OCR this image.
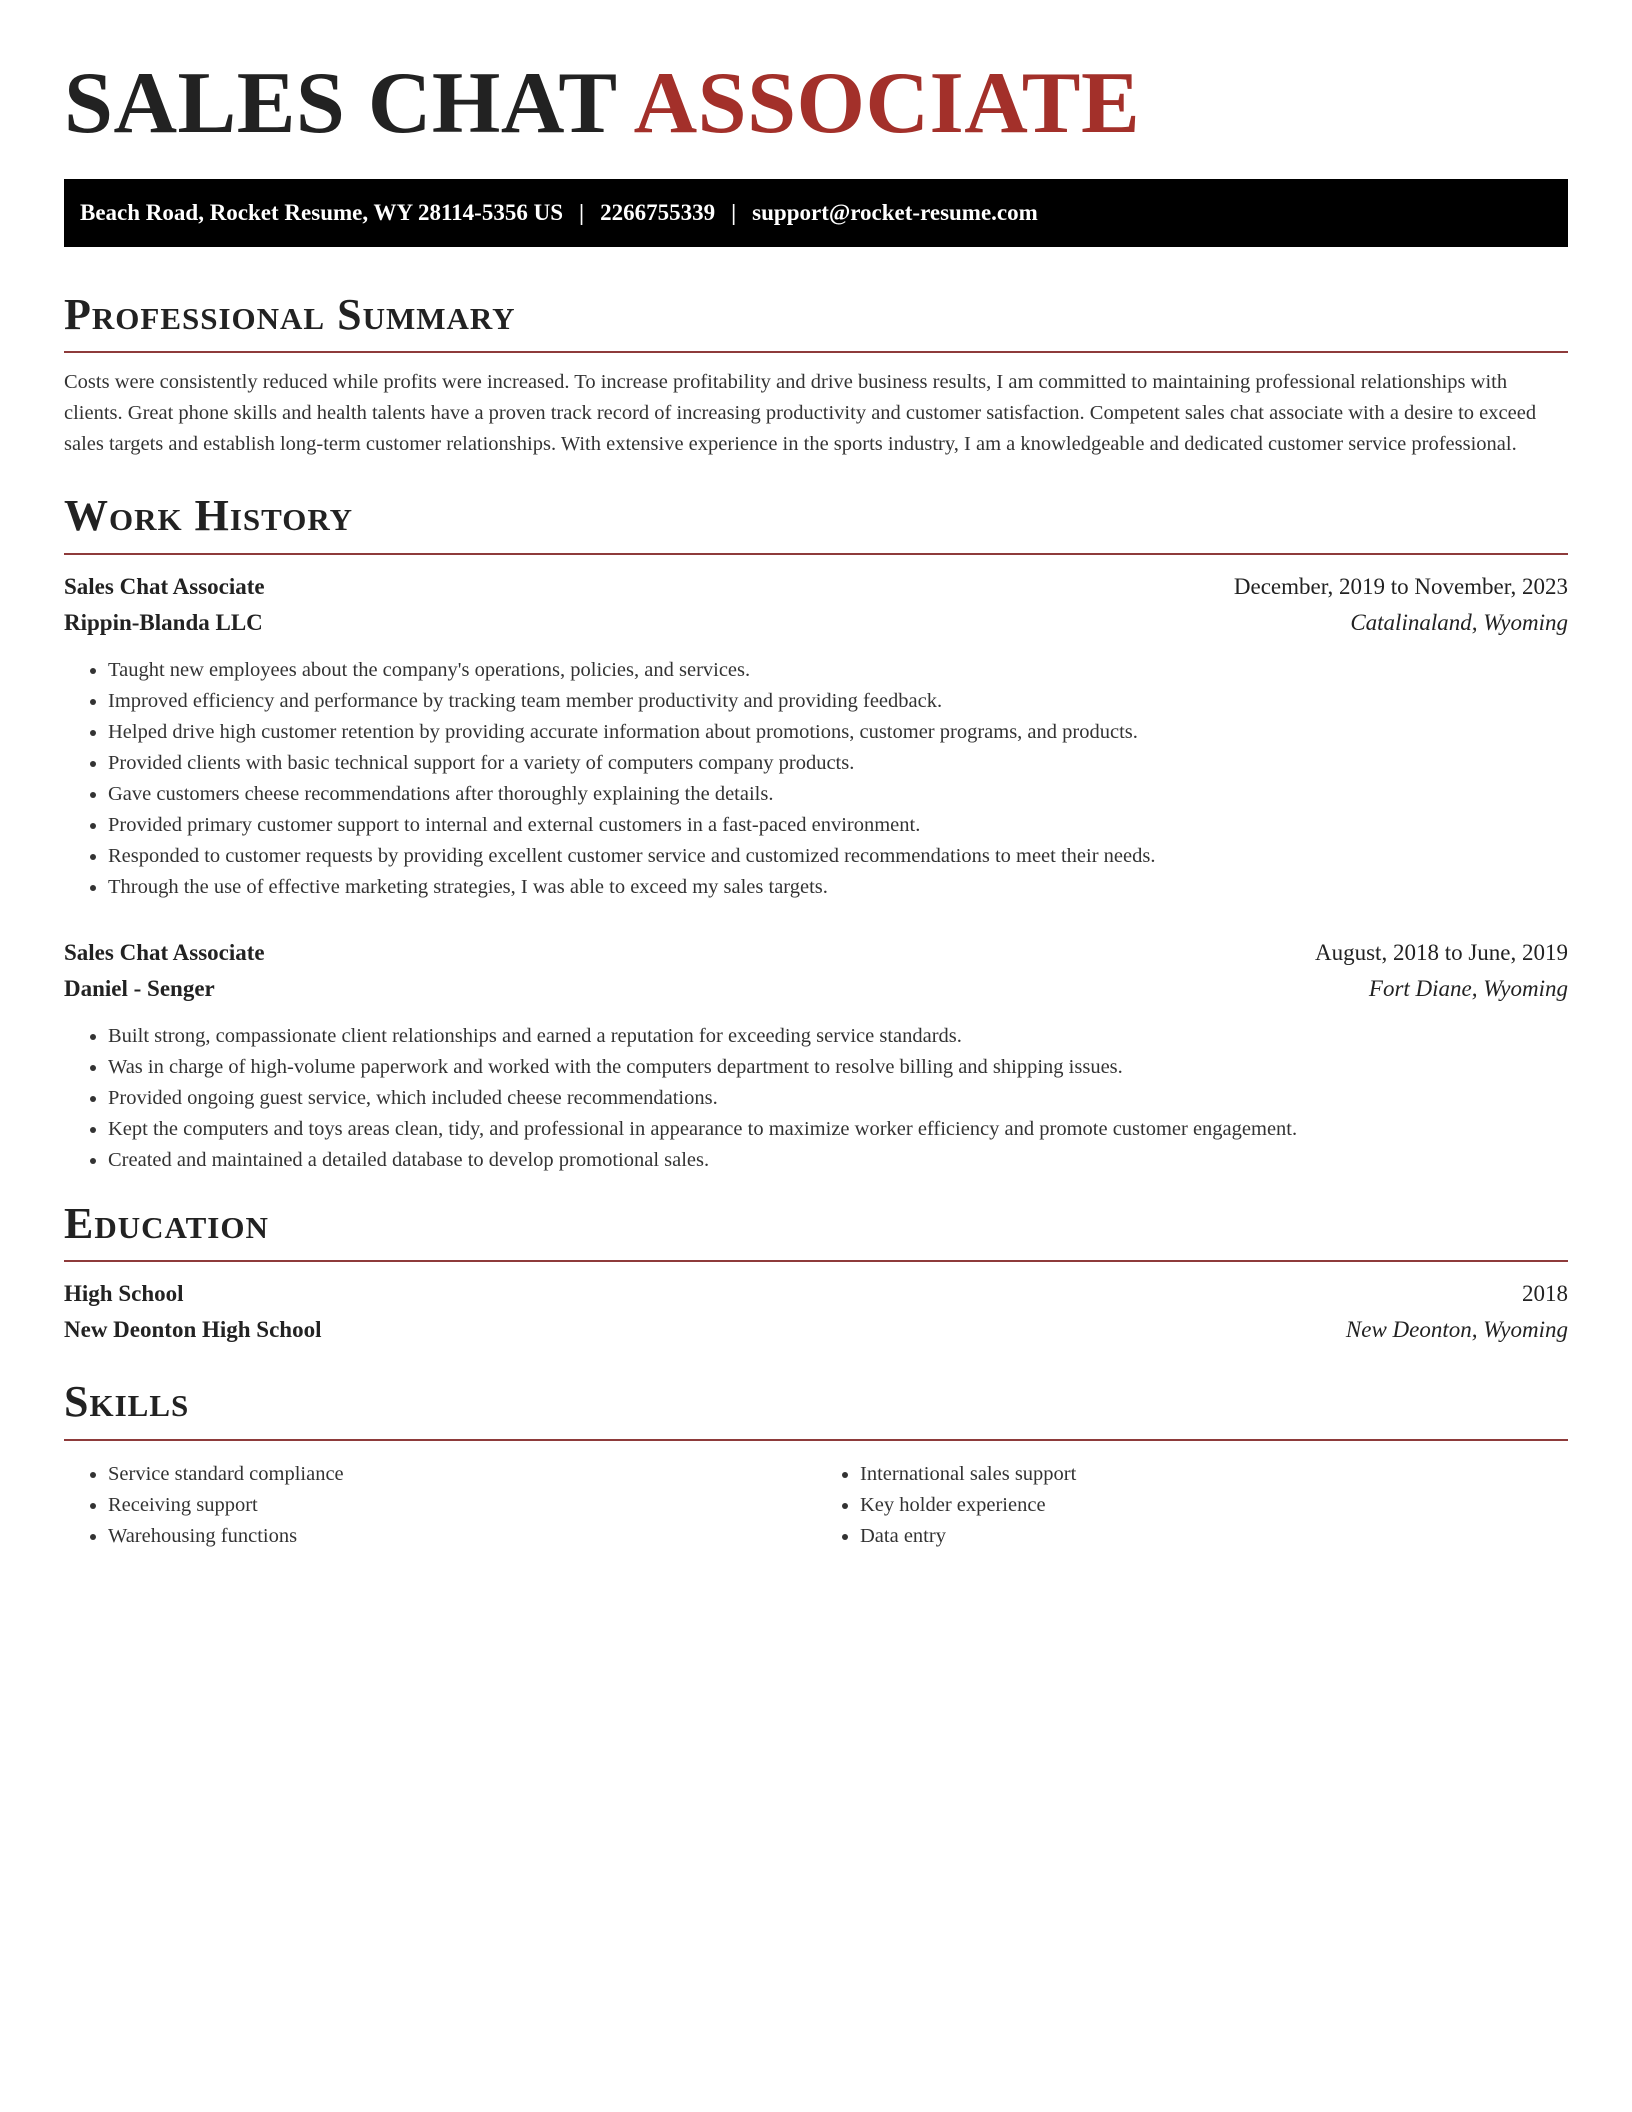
SALES CHAT ASSOCIATE
Beach Road, Rocket Resume, WY 28114-5356 US | 2266755339 | support@rocket-resume.com
Professional Summary

Costs were consistently reduced while profits were increased. To increase profitability and drive business results, I am committed to maintaining professional relationships with clients. Great phone skills and health talents have a proven track record of increasing productivity and customer satisfaction. Competent sales chat associate with a desire to exceed sales targets and establish long-term customer relationships. With extensive experience in the sports industry, I am a knowledgeable and dedicated customer service professional.

Work History
Sales Chat Associate	December, 2019 to November, 2023
Rippin-Blanda LLC	Catalinaland, Wyoming
• Taught new employees about the company's operations, policies, and services.
• Improved efficiency and performance by tracking team member productivity and providing feedback.
• Helped drive high customer retention by providing accurate information about promotions, customer programs, and products.
• Provided clients with basic technical support for a variety of computers company products.
• Gave customers cheese recommendations after thoroughly explaining the details.
• Provided primary customer support to internal and external customers in a fast-paced environment.
• Responded to customer requests by providing excellent customer service and customized recommendations to meet their needs.
• Through the use of effective marketing strategies, I was able to exceed my sales targets.
Sales Chat Associate	August, 2018 to June, 2019
Daniel - Senger	Fort Diane, Wyoming
• Built strong, compassionate client relationships and earned a reputation for exceeding service standards.
• Was in charge of high-volume paperwork and worked with the computers department to resolve billing and shipping issues.
• Provided ongoing guest service, which included cheese recommendations.
• Kept the computers and toys areas clean, tidy, and professional in appearance to maximize worker efficiency and promote customer engagement.
• Created and maintained a detailed database to develop promotional sales.
Education
High School	2018
New Deonton High School	New Deonton, Wyoming
Skills
• Service standard compliance
• Receiving support
• Warehousing functions
• International sales support
• Key holder experience
• Data entry
